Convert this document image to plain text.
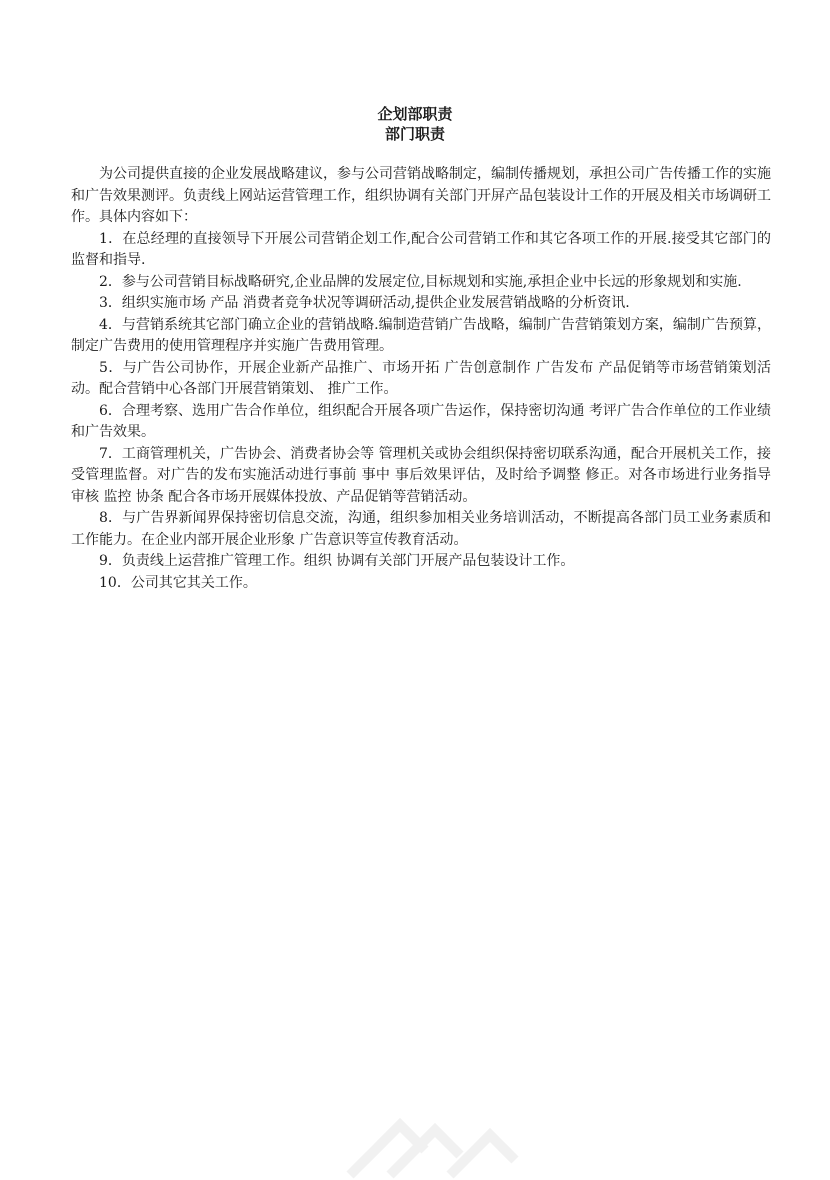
企划部职责
部门职责

为公司提供直接的企业发展战略建议，参与公司营销战略制定，编制传播规划，承担公司广告传播工作的实施和广告效果测评。负责线上网站运营管理工作，组织协调有关部门开屏产品包装设计工作的开展及相关市场调研工作。具体内容如下：

1．在总经理的直接领导下开展公司营销企划工作,配合公司营销工作和其它各项工作的开展.接受其它部门的监督和指导.

2．参与公司营销目标战略研究,企业品牌的发展定位,目标规划和实施,承担企业中长远的形象规划和实施.

3．组织实施市场 产品 消费者竞争状况等调研活动,提供企业发展营销战略的分析资讯.

4．与营销系统其它部门确立企业的营销战略.编制造营销广告战略，编制广告营销策划方案，编制广告预算，制定广告费用的使用管理程序并实施广告费用管理。

5．与广告公司协作，开展企业新产品推广、市场开拓 广告创意制作 广告发布 产品促销等市场营销策划活动。配合营销中心各部门开展营销策划、 推广工作。

6．合理考察、选用广告合作单位，组织配合开展各项广告运作，保持密切沟通 考评广告合作单位的工作业绩和广告效果。

7．工商管理机关，广告协会、消费者协会等 管理机关或协会组织保持密切联系沟通，配合开展机关工作，接受管理监督。对广告的发布实施活动进行事前 事中 事后效果评估，及时给予调整 修正。对各市场进行业务指导 审核 监控 协条 配合各市场开展媒体投放、产品促销等营销活动。

8．与广告界新闻界保持密切信息交流，沟通，组织参加相关业务培训活动，不断提高各部门员工业务素质和工作能力。在企业内部开展企业形象 广告意识等宣传教育活动。

9．负责线上运营推广管理工作。组织 协调有关部门开展产品包装设计工作。

10．公司其它其关工作。
